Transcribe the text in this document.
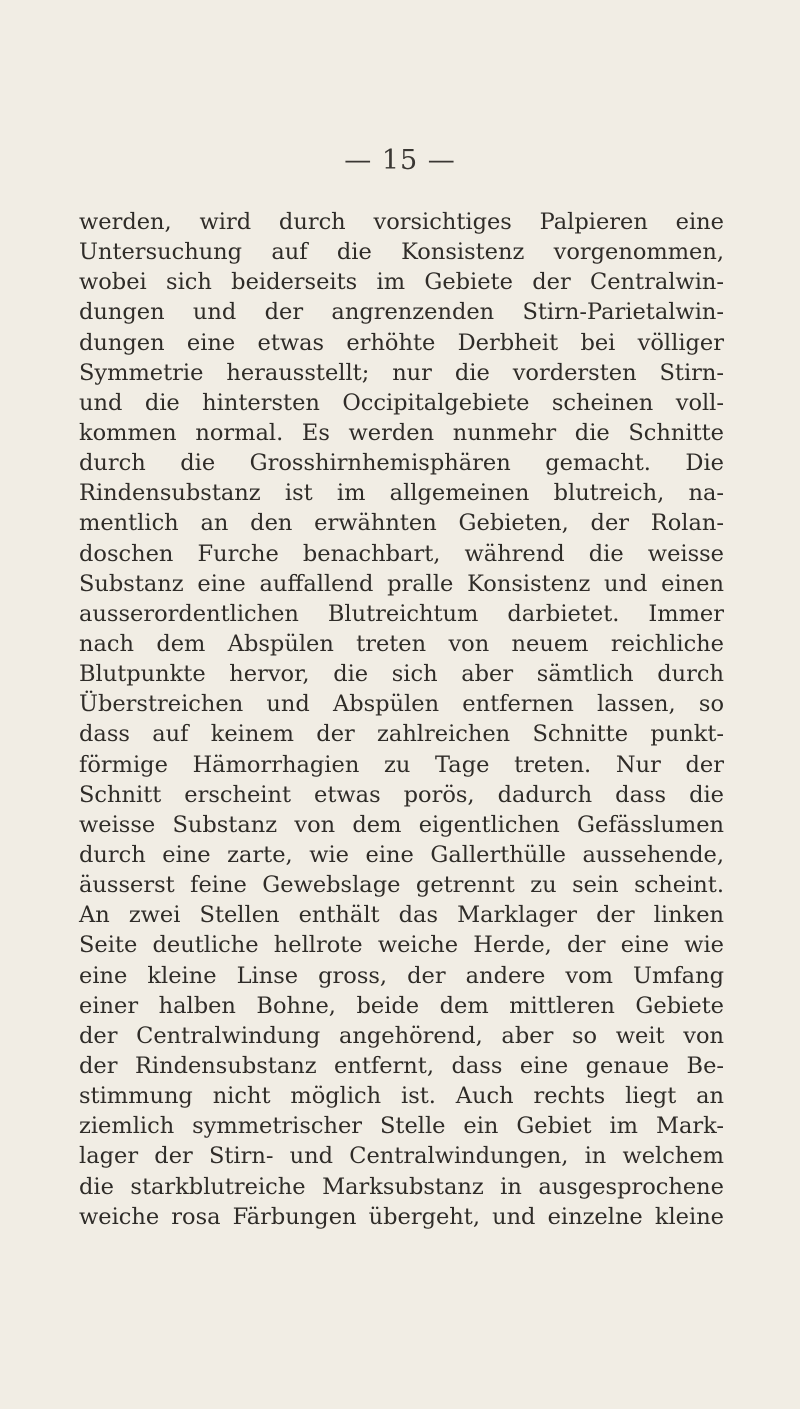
— 15 —
werden, wird durch vorsichtiges Palpieren eine
Untersuchung auf die Konsistenz vorgenommen,
wobei sich beiderseits im Gebiete der Centralwin-
dungen und der angrenzenden Stirn-Parietalwin-
dungen eine etwas erhöhte Derbheit bei völliger
Symmetrie herausstellt; nur die vordersten Stirn-
und die hintersten Occipitalgebiete scheinen voll-
kommen normal. Es werden nunmehr die Schnitte
durch die Grosshirnhemisphären gemacht. Die
Rindensubstanz ist im allgemeinen blutreich, na-
mentlich an den erwähnten Gebieten, der Rolan-
doschen Furche benachbart, während die weisse
Substanz eine auffallend pralle Konsistenz und einen
ausserordentlichen Blutreichtum darbietet. Immer
nach dem Abspülen treten von neuem reichliche
Blutpunkte hervor, die sich aber sämtlich durch
Überstreichen und Abspülen entfernen lassen, so
dass auf keinem der zahlreichen Schnitte punkt-
förmige Hämorrhagien zu Tage treten. Nur der
Schnitt erscheint etwas porös, dadurch dass die
weisse Substanz von dem eigentlichen Gefässlumen
durch eine zarte, wie eine Gallerthülle aussehende,
äusserst feine Gewebslage getrennt zu sein scheint.
An zwei Stellen enthält das Marklager der linken
Seite deutliche hellrote weiche Herde, der eine wie
eine kleine Linse gross, der andere vom Umfang
einer halben Bohne, beide dem mittleren Gebiete
der Centralwindung angehörend, aber so weit von
der Rindensubstanz entfernt, dass eine genaue Be-
stimmung nicht möglich ist. Auch rechts liegt an
ziemlich symmetrischer Stelle ein Gebiet im Mark-
lager der Stirn- und Centralwindungen, in welchem
die starkblutreiche Marksubstanz in ausgesprochene
weiche rosa Färbungen übergeht, und einzelne kleine
